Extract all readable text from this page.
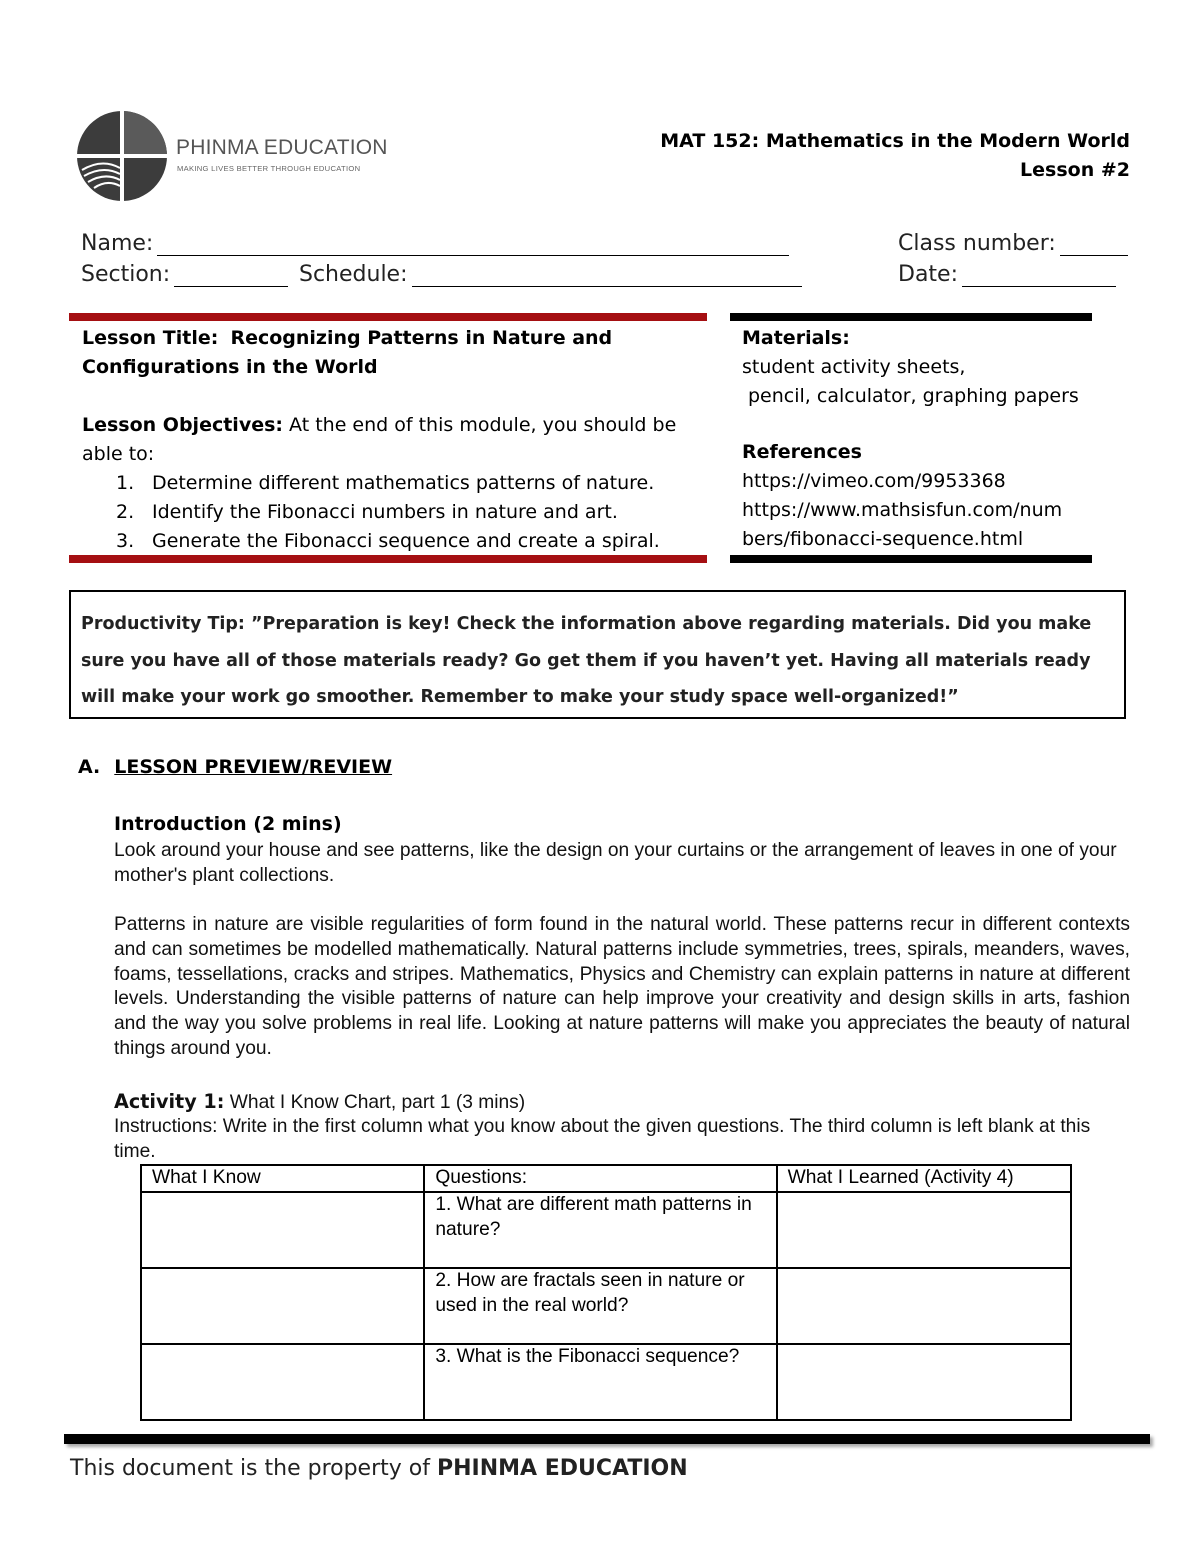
PHINMA EDUCATION
MAKING LIVES BETTER THROUGH EDUCATION
MAT 152: Mathematics in the Modern World
Lesson #2
Name:	Class number:
Section:	Schedule:	Date:
Lesson Title: Recognizing Patterns in Nature and
Configurations in the World
Lesson Objectives: At the end of this module, you should be
able to:
1. Determine different mathematics patterns of nature.
2. Identify the Fibonacci numbers in nature and art.
3. Generate the Fibonacci sequence and create a spiral.
Materials:
student activity sheets,
pencil, calculator, graphing papers
References
https://vimeo.com/9953368
https://www.mathsisfun.com/num
bers/fibonacci-sequence.html
Productivity Tip: ”Preparation is key! Check the information above regarding materials. Did you make sure you have all of those materials ready? Go get them if you haven’t yet. Having all materials ready will make your work go smoother. Remember to make your study space well-organized!”
A. LESSON PREVIEW/REVIEW
Introduction (2 mins)
Look around your house and see patterns, like the design on your curtains or the arrangement of leaves in one of your mother's plant collections.
Patterns in nature are visible regularities of form found in the natural world. These patterns recur in different contexts and can sometimes be modelled mathematically. Natural patterns include symmetries, trees, spirals, meanders, waves, foams, tessellations, cracks and stripes. Mathematics, Physics and Chemistry can explain patterns in nature at different levels. Understanding the visible patterns of nature can help improve your creativity and design skills in arts, fashion and the way you solve problems in real life. Looking at nature patterns will make you appreciates the beauty of natural things around you.
Activity 1: What I Know Chart, part 1 (3 mins)
Instructions: Write in the first column what you know about the given questions. The third column is left blank at this time.
What I Know	Questions:	What I Learned (Activity 4)
	1. What are different math patterns in nature?	
	2. How are fractals seen in nature or used in the real world?	
	3. What is the Fibonacci sequence?	
This document is the property of PHINMA EDUCATION
